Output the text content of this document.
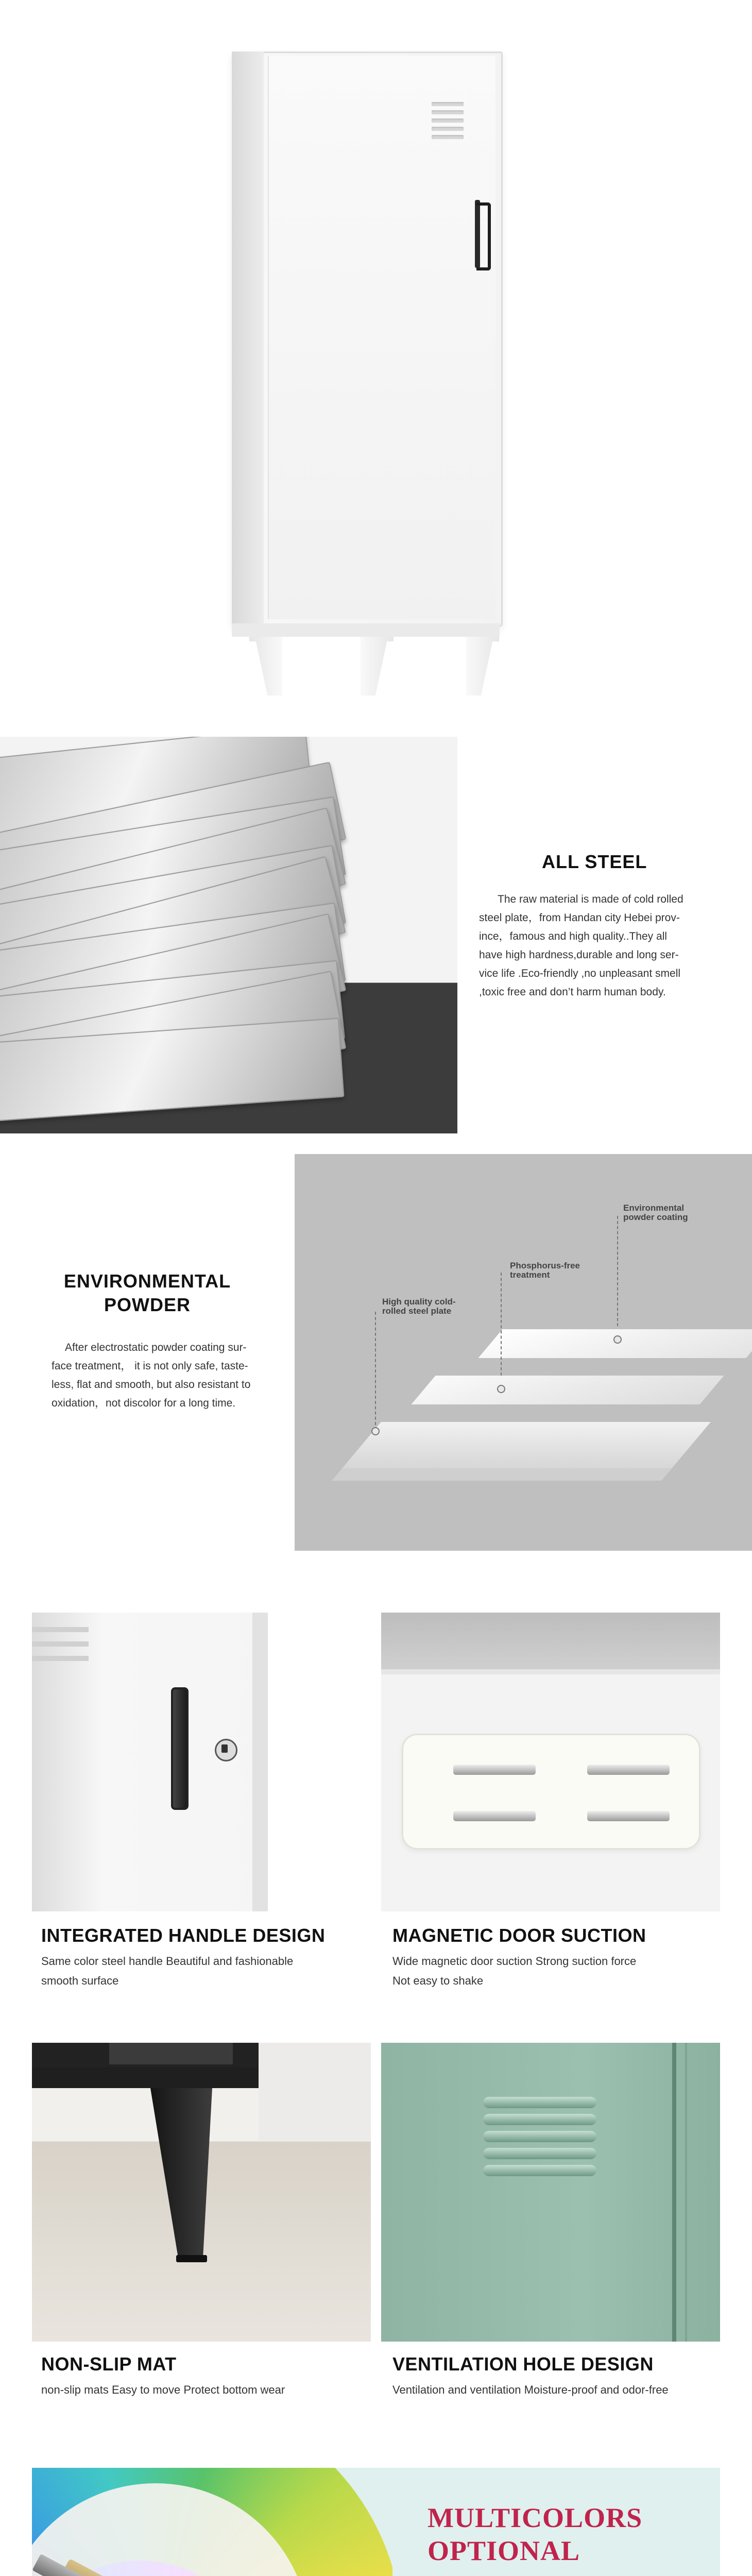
ALL STEEL
The raw material is made of cold rolled
steel plate，from Handan city Hebei prov-
ince，famous and high quality..They all
have high hardness,durable and long ser-
vice life .Eco-friendly ,no unpleasant smell
,toxic free and don’t harm human body.
ENVIRONMENTAL
POWDER
After electrostatic powder coating sur-
face treatment， it is not only safe, taste-
less, flat and smooth, but also resistant to
oxidation，not discolor for a long time.
Environmental
powder coating
Phosphorus-free
treatment
High quality cold-
rolled steel plate
INTEGRATED HANDLE DESIGN
Same color steel handle Beautiful and fashionable
smooth surface
MAGNETIC DOOR SUCTION
Wide magnetic door suction Strong suction force
Not easy to shake
NON-SLIP MAT
non-slip mats Easy to move Protect bottom wear
VENTILATION HOLE DESIGN
Ventilation and ventilation Moisture-proof and odor-free
MULTICOLORS
OPTIONAL
